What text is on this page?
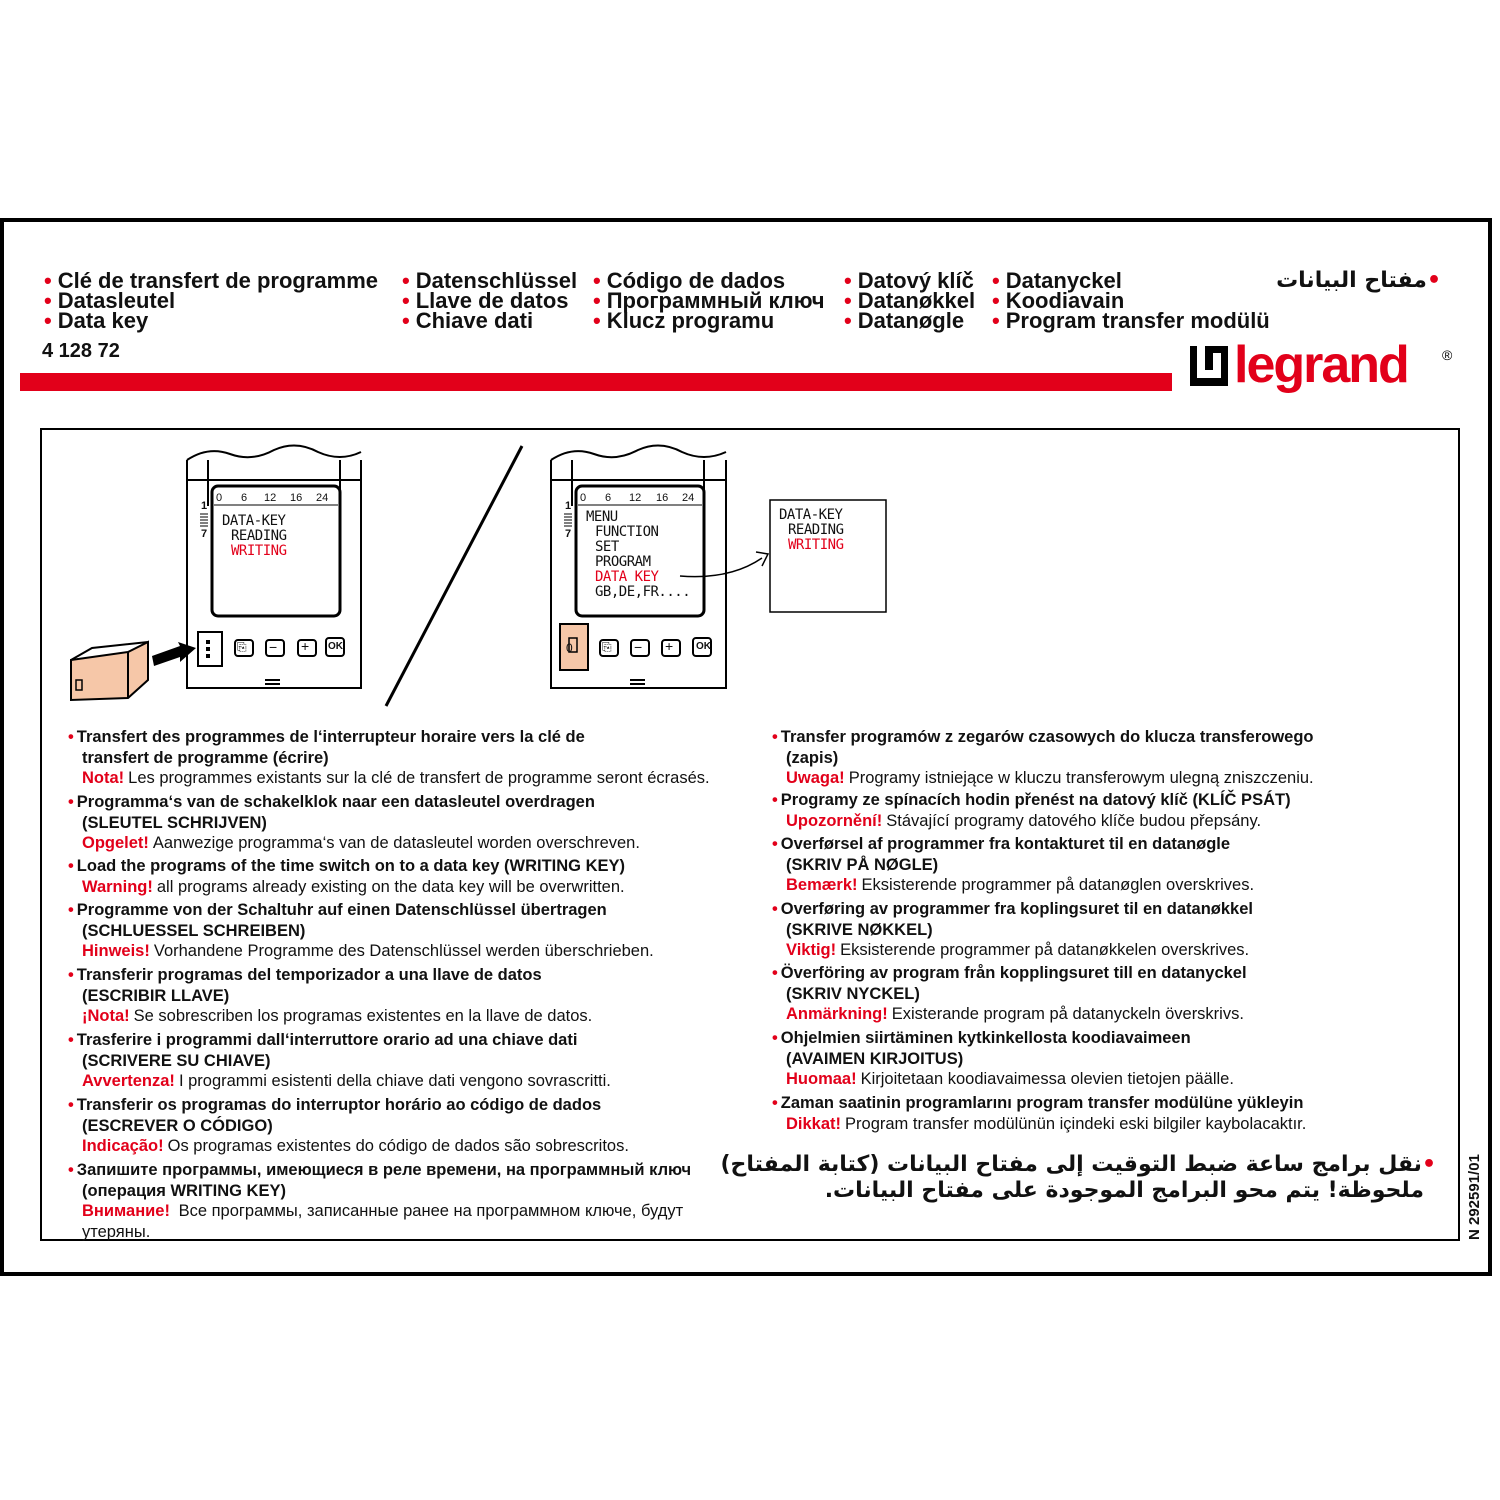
• Clé de transfert de programme
• Datasleutel
• Data key
• Datenschlüssel
• Llave de datos
• Chiave dati
• Código de dados
• Программный ключ
• Klucz programu
• Datový klíč
• Datanøkkel
• Datanøgle
• Datanyckel
• Koodiavain
• Program transfer modülü
•مفتاح البيانات
4 128 72	legrand ®
0 6 12 16 24
1
7
DATA-KEY
READING
WRITING
⎘ − + OK
0 6 12 16 24
1
7
MENU
FUNCTION
SET
PROGRAM
DATA KEY
GB,DE,FR....
0 ⎘ − + OK
DATA-KEY
READING
WRITING
• Transfert des programmes de l‘interrupteur horaire vers la clé de
transfert de programme (écrire)
Nota! Les programmes existants sur la clé de transfert de programme seront écrasés.
• Programma‘s van de schakelklok naar een datasleutel overdragen
(SLEUTEL SCHRIJVEN)
Opgelet! Aanwezige programma‘s van de datasleutel worden overschreven.
• Load the programs of the time switch on to a data key (WRITING KEY)
Warning! all programs already existing on the data key will be overwritten.
• Programme von der Schaltuhr auf einen Datenschlüssel übertragen
(SCHLUESSEL SCHREIBEN)
Hinweis! Vorhandene Programme des Datenschlüssel werden überschrieben.
• Transferir programas del temporizador a una llave de datos
(ESCRIBIR LLAVE)
¡Nota! Se sobrescriben los programas existentes en la llave de datos.
• Trasferire i programmi dall‘interruttore orario ad una chiave dati
(SCRIVERE SU CHIAVE)
Avvertenza! I programmi esistenti della chiave dati vengono sovrascritti.
• Transferir os programas do interruptor horário ao código de dados
(ESCREVER O CÓDIGO)
Indicação! Os programas existentes do código de dados são sobrescritos.
• Запишите программы, имеющиеся в реле времени, на программный ключ
(операция WRITING KEY)
Внимание! Все программы, записанные ранее на программном ключе, будут
утеряны.
• Transfer programów z zegarów czasowych do klucza transferowego
(zapis)
Uwaga! Programy istniejące w kluczu transferowym ulegną zniszczeniu.
• Programy ze spínacích hodin přenést na datový klíč (KLÍČ PSÁT)
Upozornění! Stávající programy datového klíče budou přepsány.
• Overførsel af programmer fra kontakturet til en datanøgle
(SKRIV PÅ NØGLE)
Bemærk! Eksisterende programmer på datanøglen overskrives.
• Overføring av programmer fra koplingsuret til en datanøkkel
(SKRIVE NØKKEL)
Viktig! Eksisterende programmer på datanøkkelen overskrives.
• Överföring av program från kopplingsuret till en datanyckel
(SKRIV NYCKEL)
Anmärkning! Existerande program på datanyckeln överskrivs.
• Ohjelmien siirtäminen kytkinkellosta koodiavaimeen
(AVAIMEN KIRJOITUS)
Huomaa! Kirjoitetaan koodiavaimessa olevien tietojen päälle.
• Zaman saatinin programlarını program transfer modülüne yükleyin
Dikkat! Program transfer modülünün içindeki eski bilgiler kaybolacaktır.
•نقل برامج ساعة ضبط التوقيت إلى مفتاح البيانات (كتابة المفتاح)
ملحوظة! يتم محو البرامج الموجودة على مفتاح البيانات.	N 292591/01
